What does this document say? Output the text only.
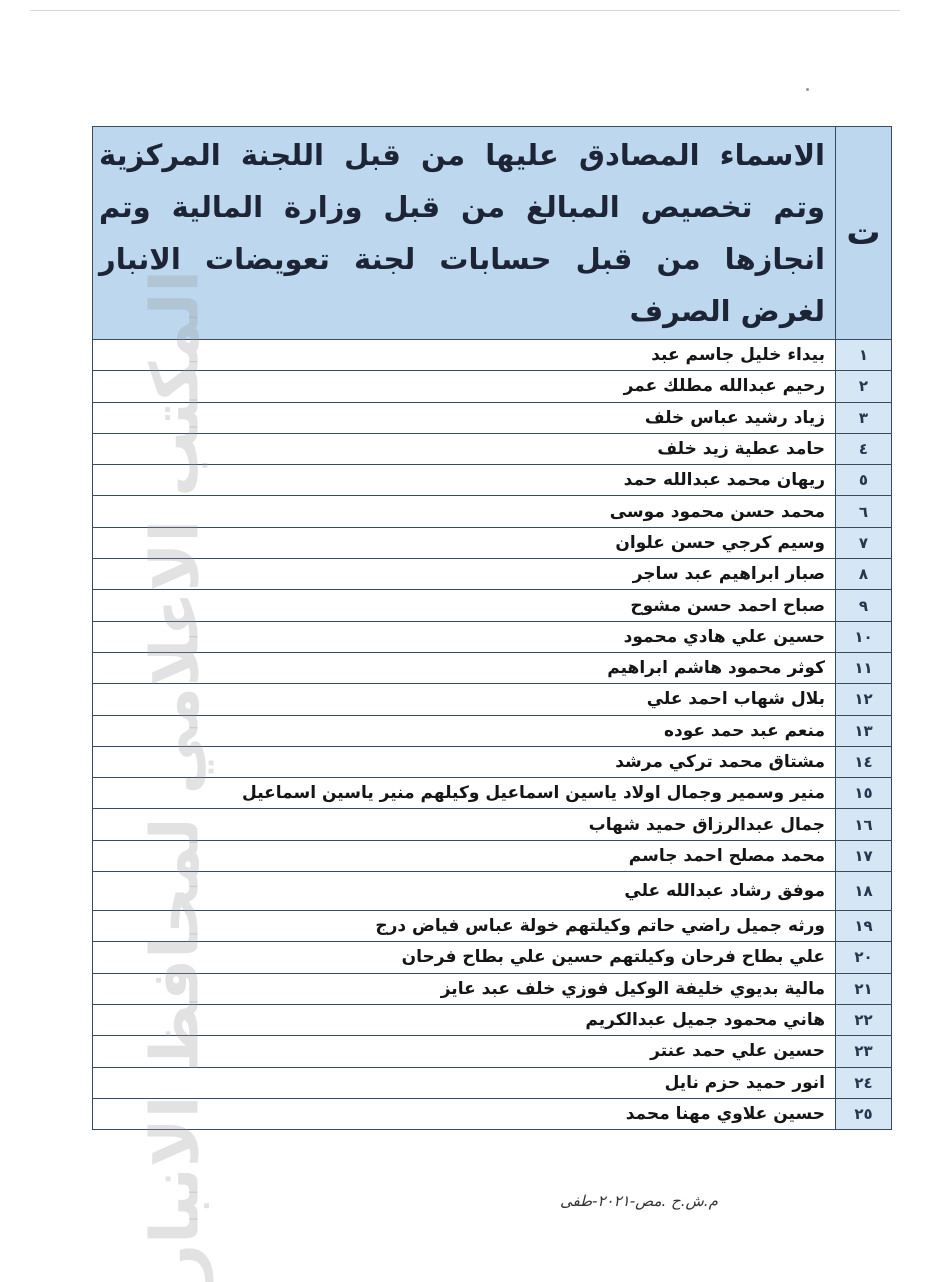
ت	الاسماء المصادق عليها من قبل اللجنة المركزية وتم تخصيص المبالغ من قبل وزارة المالية وتم انجازها من قبل حسابات لجنة تعويضات الانبار لغرض الصرف
١	بيداء خليل جاسم عبد
٢	رحيم عبدالله مطلك عمر
٣	زياد رشيد عباس خلف
٤	حامد عطية زيد خلف
٥	ريهان محمد عبدالله حمد
٦	محمد حسن محمود موسى
٧	وسيم كرجي حسن علوان
٨	صبار ابراهيم عبد ساجر
٩	صباح احمد حسن مشوح
١٠	حسين علي هادي محمود
١١	كوثر محمود هاشم ابراهيم
١٢	بلال شهاب احمد علي
١٣	منعم عبد حمد عوده
١٤	مشتاق محمد تركي مرشد
١٥	منير وسمير وجمال اولاد ياسين اسماعيل وكيلهم منير ياسين اسماعيل
١٦	جمال عبدالرزاق حميد شهاب
١٧	محمد مصلح احمد جاسم
١٨	موفق رشاد عبدالله علي
١٩	ورثه جميل راضي حاتم وكيلتهم خولة عباس فياض درج
٢٠	علي بطاح فرحان وكيلتهم حسين علي بطاح فرحان
٢١	مالية بديوي خليفة الوكيل فوزي خلف عبد عايز
٢٢	هاني محمود جميل عبدالكريم
٢٣	حسين علي حمد عنتر
٢٤	انور حميد حزم نايل
٢٥	حسين علاوي مهنا محمد
المكتب الاعلامي لمحافظ الانبار	م.ش.ح .مص-٢٠٢١-طفى
